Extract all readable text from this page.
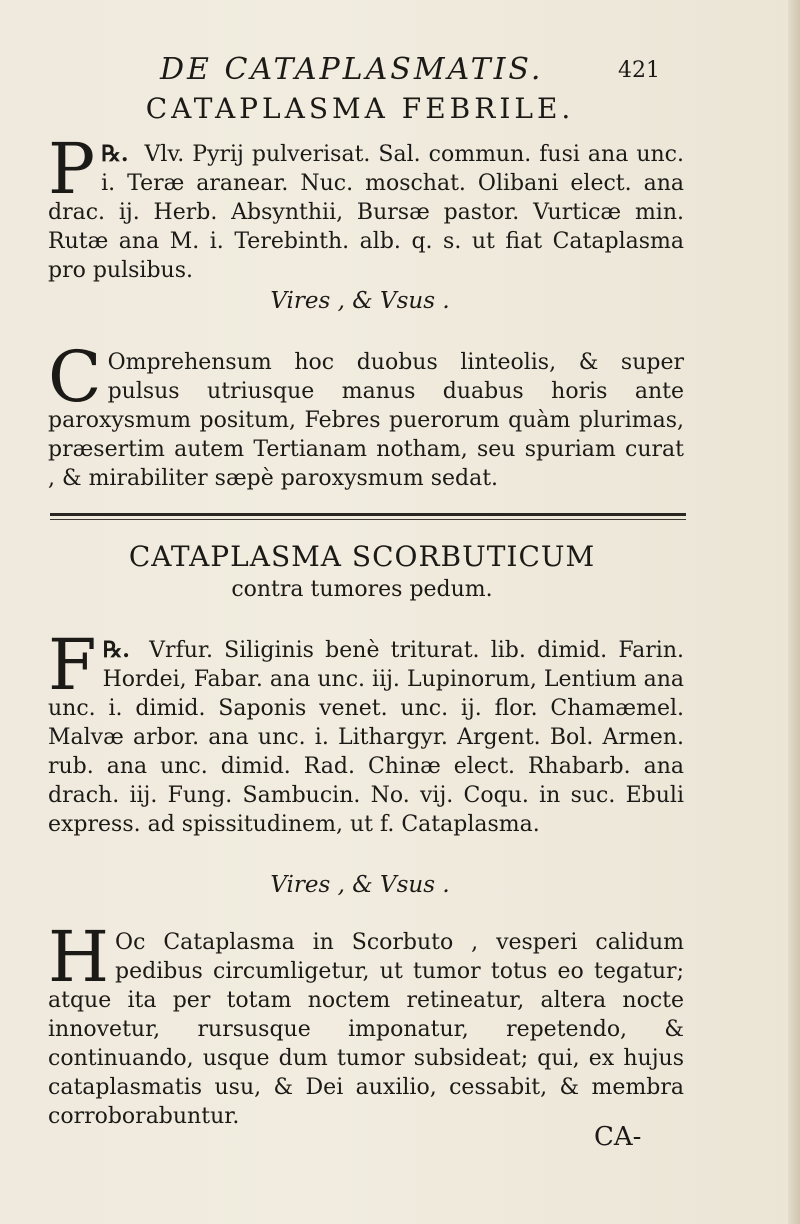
DE CATAPLASMATIS.	421
CATAPLASMA FEBRILE.
P ℞. Vlv. Pyrij pulverisat. Sal. commun. fusi ana unc. i. Teræ aranear. Nuc. moschat. Olibani elect. ana drac. ij. Herb. Absynthii, Bursæ pastor. Vurticæ min. Rutæ ana M. i. Terebinth. alb. q. s. ut fiat Cataplasma pro pulsibus.
Vires , & Vsus .
C Omprehensum hoc duobus linteolis, & super pulsus utriusque manus duabus horis ante paroxysmum positum, Febres puerorum quàm plurimas, præsertim autem Tertianam notham, seu spuriam curat , & mirabiliter sæpè paroxysmum sedat.
CATAPLASMA SCORBUTICUM
contra tumores pedum.
F ℞. Vrfur. Siliginis benè triturat. lib. dimid. Farin. Hordei, Fabar. ana unc. iij. Lupinorum, Lentium ana unc. i. dimid. Saponis venet. unc. ij. flor. Chamæmel. Malvæ arbor. ana unc. i. Lithargyr. Argent. Bol. Armen. rub. ana unc. dimid. Rad. Chinæ elect. Rhabarb. ana drach. iij. Fung. Sambucin. No. vij. Coqu. in suc. Ebuli express. ad spissitudinem, ut f. Cataplasma.
Vires , & Vsus .
H Oc Cataplasma in Scorbuto , vesperi calidum pedibus circumligetur, ut tumor totus eo tegatur; atque ita per totam noctem retineatur, altera nocte innovetur, rursusque imponatur, repetendo, & continuando, usque dum tumor subsideat; qui, ex hujus cataplasmatis usu, & Dei auxilio, cessabit, & membra corroborabuntur.
CA-
